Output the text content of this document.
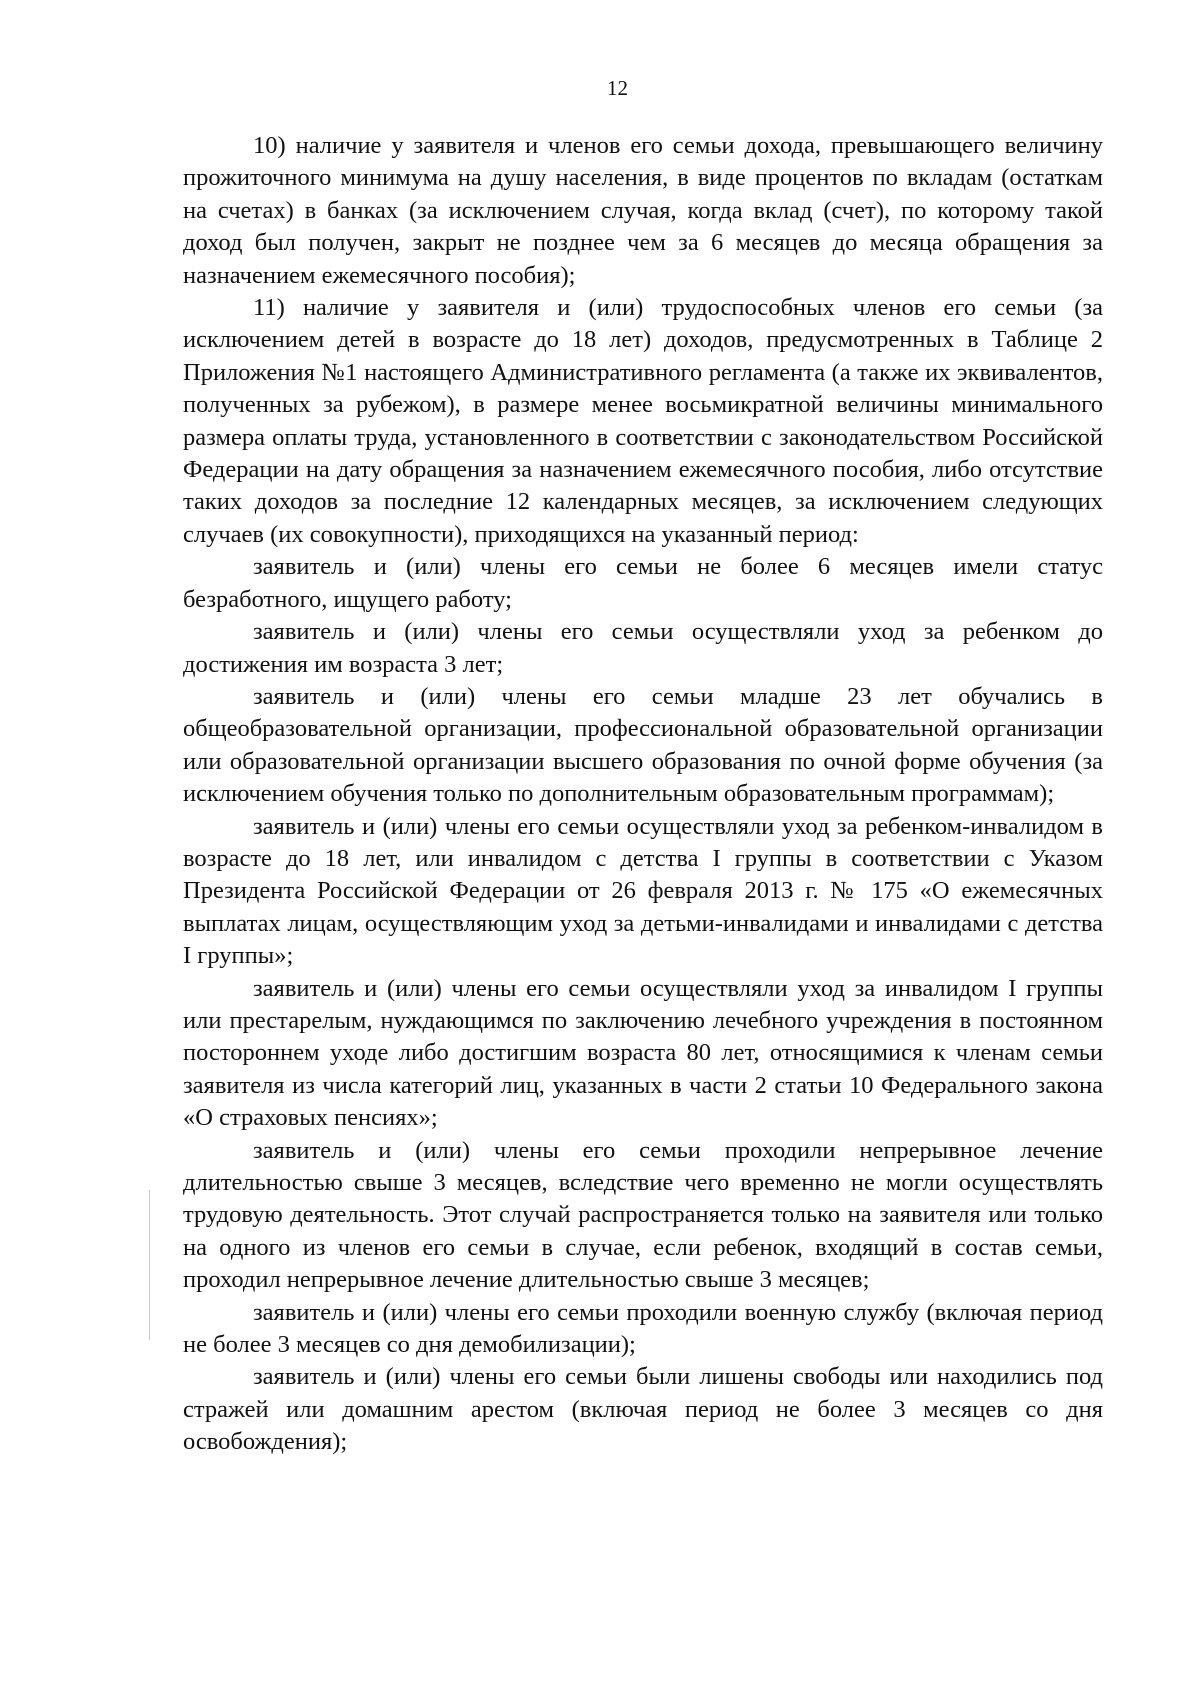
12

10) наличие у заявителя и членов его семьи дохода, превышающего величину прожиточного минимума на душу населения, в виде процентов по вкладам (остаткам на счетах) в банках (за исключением случая, когда вклад (счет), по которому такой доход был получен, закрыт не позднее чем за 6 месяцев до месяца обращения за назначением ежемесячного пособия);

11) наличие у заявителя и (или) трудоспособных членов его семьи (за исключением детей в возрасте до 18 лет) доходов, предусмотренных в Таблице 2 Приложения №1 настоящего Административного регламента (а также их эквивалентов, полученных за рубежом), в размере менее восьмикратной величины минимального размера оплаты труда, установленного в соответствии с законодательством Российской Федерации на дату обращения за назначением ежемесячного пособия, либо отсутствие таких доходов за последние 12 календарных месяцев, за исключением следующих случаев (их совокупности), приходящихся на указанный период:

заявитель и (или) члены его семьи не более 6 месяцев имели статус безработного, ищущего работу;

заявитель и (или) члены его семьи осуществляли уход за ребенком до достижения им возраста 3 лет;

заявитель и (или) члены его семьи младше 23 лет обучались в общеобразовательной организации, профессиональной образовательной организации или образовательной организации высшего образования по очной форме обучения (за исключением обучения только по дополнительным образовательным программам);

заявитель и (или) члены его семьи осуществляли уход за ребенком-инвалидом в возрасте до 18 лет, или инвалидом с детства I группы в соответствии с Указом Президента Российской Федерации от 26 февраля 2013 г. № 175 «О ежемесячных выплатах лицам, осуществляющим уход за детьми-инвалидами и инвалидами с детства I группы»;

заявитель и (или) члены его семьи осуществляли уход за инвалидом I группы или престарелым, нуждающимся по заключению лечебного учреждения в постоянном постороннем уходе либо достигшим возраста 80 лет, относящимися к членам семьи заявителя из числа категорий лиц, указанных в части 2 статьи 10 Федерального закона «О страховых пенсиях»;

заявитель и (или) члены его семьи проходили непрерывное лечение длительностью свыше 3 месяцев, вследствие чего временно не могли осуществлять трудовую деятельность. Этот случай распространяется только на заявителя или только на одного из членов его семьи в случае, если ребенок, входящий в состав семьи, проходил непрерывное лечение длительностью свыше 3 месяцев;

заявитель и (или) члены его семьи проходили военную службу (включая период не более 3 месяцев со дня демобилизации);

заявитель и (или) члены его семьи были лишены свободы или находились под стражей или домашним арестом (включая период не более 3 месяцев со дня освобождения);
